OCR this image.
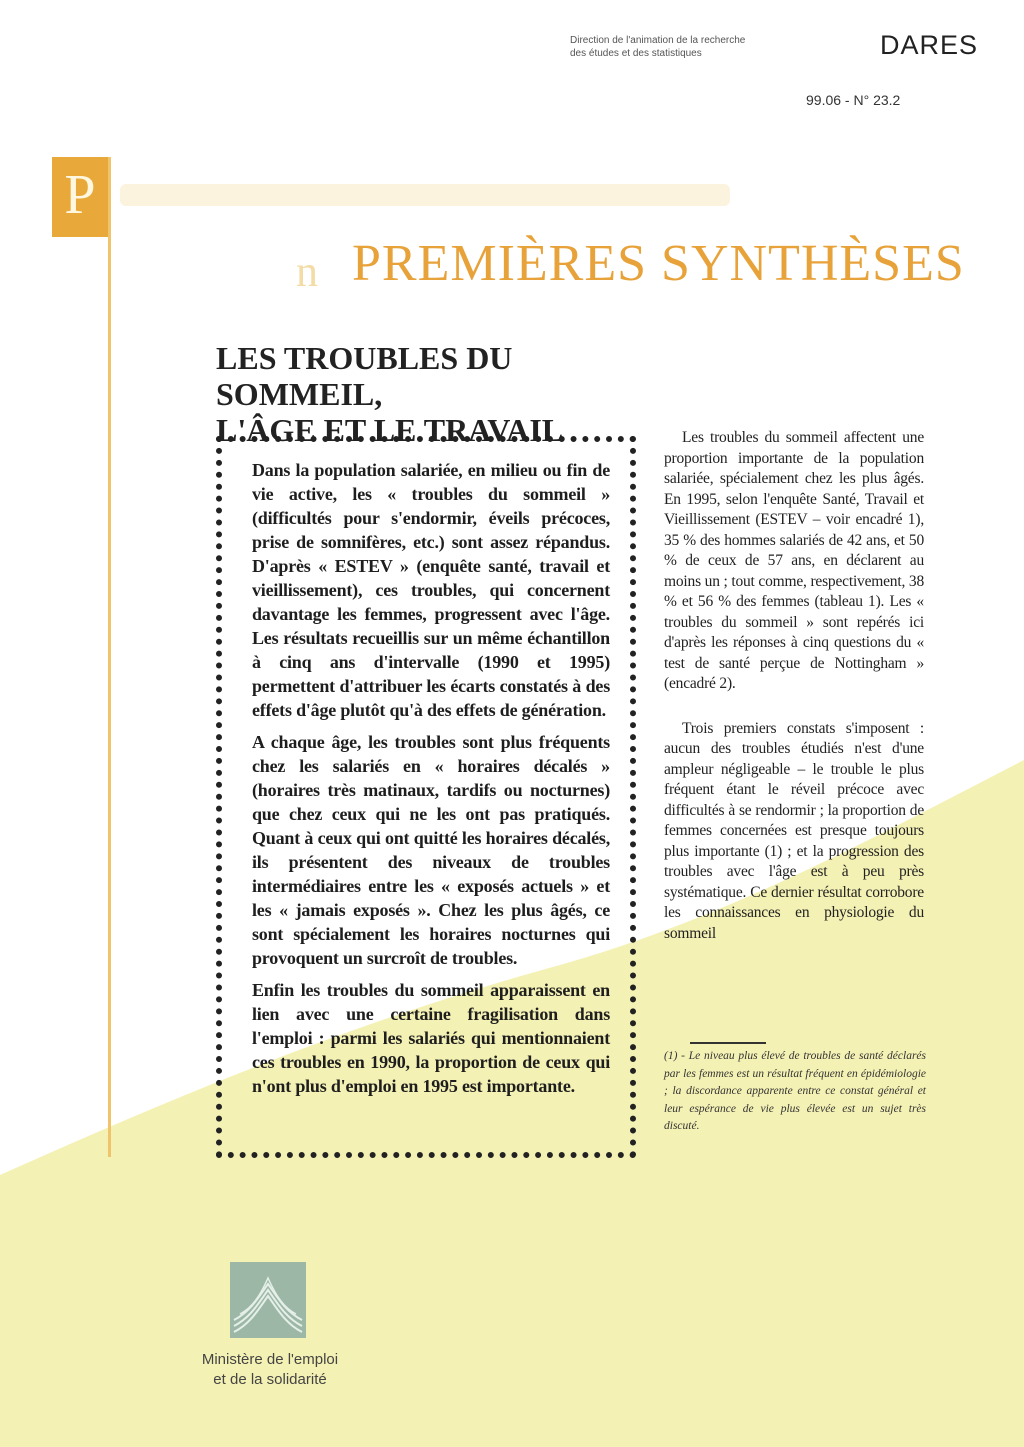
Direction de l'animation de la recherche
des études et des statistiques	DARES
99.06 - N° 23.2
P
n PREMIÈRES SYNTHÈSES
LES TROUBLES DU SOMMEIL,
L'ÂGE ET LE TRAVAIL

Dans la population salariée, en milieu ou fin de vie active, les « troubles du sommeil » (difficultés pour s'endormir, éveils précoces, prise de somnifères, etc.) sont assez répandus. D'après « ESTEV » (enquête santé, travail et vieillissement), ces troubles, qui concernent davantage les femmes, progressent avec l'âge. Les résultats recueillis sur un même échantillon à cinq ans d'intervalle (1990 et 1995) permettent d'attribuer les écarts constatés à des effets d'âge plutôt qu'à des effets de génération.

A chaque âge, les troubles sont plus fréquents chez les salariés en « horaires décalés » (horaires très matinaux, tardifs ou nocturnes) que chez ceux qui ne les ont pas pratiqués. Quant à ceux qui ont quitté les horaires décalés, ils présentent des niveaux de troubles intermédiaires entre les « exposés actuels » et les « jamais exposés ». Chez les plus âgés, ce sont spécialement les horaires nocturnes qui provoquent un surcroît de troubles.

Enfin les troubles du sommeil apparaissent en lien avec une certaine fragilisation dans l'emploi : parmi les salariés qui mentionnaient ces troubles en 1990, la proportion de ceux qui n'ont plus d'emploi en 1995 est importante.

Les troubles du sommeil affectent une proportion importante de la population salariée, spécialement chez les plus âgés. En 1995, selon l'enquête Santé, Travail et Vieillissement (ESTEV – voir encadré 1), 35 % des hommes salariés de 42 ans, et 50 % de ceux de 57 ans, en déclarent au moins un ; tout comme, respectivement, 38 % et 56 % des femmes (tableau 1). Les « troubles du sommeil » sont repérés ici d'après les réponses à cinq questions du « test de santé perçue de Nottingham » (encadré 2).

Trois premiers constats s'imposent : aucun des troubles étudiés n'est d'une ampleur négligeable – le trouble le plus fréquent étant le réveil précoce avec difficultés à se rendormir ; la proportion de femmes concernées est presque toujours plus importante (1) ; et la progression des troubles avec l'âge est à peu près systématique. Ce dernier résultat corrobore les connaissances en physiologie du sommeil

(1) - Le niveau plus élevé de troubles de santé déclarés par les femmes est un résultat fréquent en épidémiologie ; la discordance apparente entre ce constat général et leur espérance de vie plus élevée est un sujet très discuté.
Ministère de l'emploi
et de la solidarité
